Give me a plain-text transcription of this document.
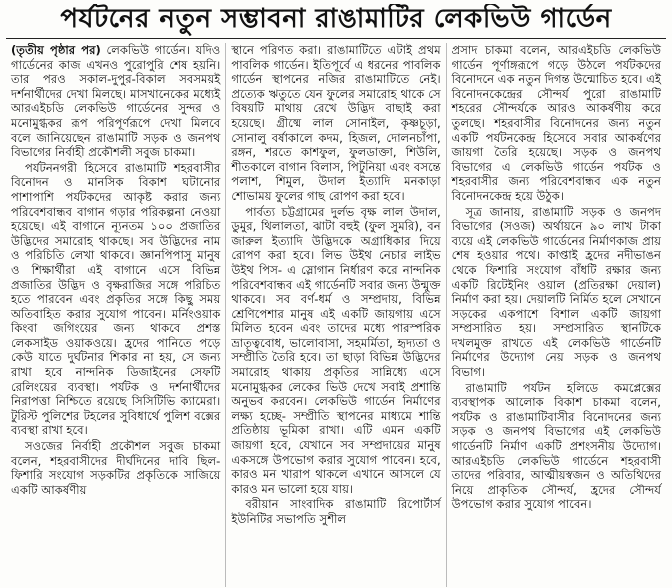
পর্যটনের নতুন সম্ভাবনা রাঙামাটির লেকভিউ গার্ডেন

(তৃতীয় পৃষ্ঠার পর) লেকভিউ গার্ডেন। যদিও গার্ডেনের কাজ এখনও পুরোপুরি শেষ হয়নি। তার পরও সকাল-দুপুর-বিকাল সবসময়ই দর্শনার্থীদের দেখা মিলছে। মাসখানেকের মধ্যেই আরএইচডি লেকভিউ গার্ডেনের সুন্দর ও মনোমুগ্ধকর রূপ পরিপূর্ণরূপে দেখা মিলবে বলে জানিয়েছেন রাঙামাটি সড়ক ও জনপথ বিভাগের নির্বাহী প্রকৌশলী সবুজ চাকমা।

পর্যটননগরী হিসেবে রাঙামাটি শহরবাসীর বিনোদন ও মানসিক বিকাশ ঘটানোর পাশাপাশি পর্যটকদের আকৃষ্ট করার জন্য পরিবেশবান্ধব বাগান গড়ার পরিকল্পনা নেওয়া হয়েছে। এই বাগানে ন্যূনতম ১০০ প্রজাতির উদ্ভিদের সমারোহ থাকছে। সব উদ্ভিদের নাম ও পরিচিতি লেখা থাকবে। জ্ঞানপিপাসু মানুষ ও শিক্ষার্থীরা এই বাগানে এসে বিভিন্ন প্রজাতির উদ্ভিদ ও বৃক্ষরাজির সঙ্গে পরিচিত হতে পারবেন এবং প্রকৃতির সঙ্গে কিছু সময় অতিবাহিত করার সুযোগ পাবেন। মর্নিংওয়াক কিংবা জগিংয়ের জন্য থাকবে প্রশস্ত লেকসাইড ওয়াকওয়ে। হ্রদের পানিতে পড়ে কেউ যাতে দুর্ঘটনার শিকার না হয়, সে জন্য রাখা হবে নান্দনিক ডিজাইনের সেফটি রেলিংয়ের ব্যবস্থা। পর্যটক ও দর্শনার্থীদের নিরাপত্তা নিশ্চিতে রয়েছে সিসিটিভি ক্যামেরা। টুরিস্ট পুলিশের টহলের সুবিধার্থে পুলিশ বক্সের ব্যবস্থা রাখা হবে।

সওজের নির্বাহী প্রকৌশল সবুজ চাকমা বলেন, শহরবাসীদের দীর্ঘদিনের দাবি ছিল- ফিশারি সংযোগ সড়কটির প্রকৃতিকে সাজিয়ে একটি আকর্ষণীয়

স্থানে পরিণত করা। রাঙামাটিতে এটাই প্রথম পাবলিক গার্ডেন। ইতিপূর্বে এ ধরনের পাবলিক গার্ডেন স্থাপনের নজির রাঙামাটিতে নেই। প্রত্যেক ঋতুতে যেন ফুলের সমারোহ থাকে সে বিষয়টি মাথায় রেখে উদ্ভিদ বাছাই করা হয়েছে। গ্রীষ্মে লাল সোনাইল, কৃষ্ণচূড়া, সোনালু বর্ষাকালে কদম, হিজল, দোলনচাঁপা, রঙ্গন, শরতে কাশফুল, ফুলডাক্তা, শিউলি, শীতকালে বাগান বিলাস, পিটুনিয়া এবং বসন্তে পলাশ, শিমুল, উদাল ইত্যাদি মনকাড়া শোভাময় ফুলের গাছ রোপণ করা হবে।

পার্বত্য চট্টগ্রামের দুর্লভ বৃক্ষ লাল উদাল, ডুমুর, থিলালতা, ঝাটা বহুই (ফুল সুমরি), বন জারুল ইত্যাদি উদ্ভিদকে অগ্রাধিকার দিয়ে রোপণ করা হবে। লিভ উইথ নেচার লাইভ উইথ পিস- এ স্লোগান নির্ধারণ করে নান্দনিক পরিবেশবান্ধব এই গার্ডেনটি সবার জন্য উন্মুক্ত থাকবে। সব বর্ণ-ধর্ম ও সম্প্রদায়, বিভিন্ন শ্রেণিপেশার মানুষ এই একটি জায়গায় এসে মিলিত হবেন এবং তাদের মধ্যে পারস্পরিক ভ্রাতৃত্ববোধ, ভালোবাসা, সহমর্মিতা, হৃদ্যতা ও সম্প্রীতি তৈরি হবে। তা ছাড়া বিভিন্ন উদ্ভিদের সমারোহ থাকায় প্রকৃতির সান্নিধ্যে এসে মনোমুগ্ধকর লেকের ভিউ দেখে সবাই প্রশান্তি অনুভব করবেন। লেকভিউ গার্ডেন নির্মাণের লক্ষ্য হচ্ছে- সম্প্রীতি স্থাপনের মাধ্যমে শান্তি প্রতিষ্ঠায় ভূমিকা রাখা। এটি এমন একটি জায়গা হবে, যেখানে সব সম্প্রদায়ের মানুষ একসঙ্গে উপভোগ করার সুযোগ পাবেন। হবে, কারও মন খারাপ থাকলে এখানে আসলে যে কারও মন ভালো হয়ে যায়।

বরীয়ান সাংবাদিক রাঙামাটি রিপোর্টার্স ইউনিটির সভাপতি সুশীল

প্রসাদ চাকমা বলেন, আরএইচডি লেকভিউ গার্ডেন পূর্ণাঙ্গরূপে গড়ে উঠলে পর্যটকদের বিনোদনে এক নতুন দিগন্ত উন্মোচিত হবে। এই বিনোদনকেন্দ্রের সৌন্দর্য পুরো রাঙামাটি শহরের সৌন্দর্যকে আরও আকর্ষণীয় করে তুলছে। শহরবাসীর বিনোদনের জন্য নতুন একটি পর্যটনকেন্দ্র হিসেবে সবার আকর্ষণের জায়গা তৈরি হয়েছে। সড়ক ও জনপথ বিভাগের এ লেকভিউ গার্ডেন পর্যটক ও শহরবাসীর জন্য পরিবেশবান্ধব এক নতুন বিনোদনকেন্দ্র হয়ে উঠুক।

সূত্র জানায়, রাঙামাটি সড়ক ও জনপদ বিভাগের (সওজ) অর্থায়নে ৯০ লাখ টাকা ব্যয়ে এই লেকভিউ গার্ডেনের নির্মাণকাজ প্রায় শেষ হওয়ার পথে। কাপ্তাই হ্রদের নদীভাঙন থেকে ফিশারি সংযোগ বাঁধটি রক্ষার জন্য একটি রিটেইনিং ওয়াল (প্রতিরক্ষা দেয়াল) নির্মাণ করা হয়। দেয়ালটি নির্মিত হলে সেখানে সড়কের একপাশে বিশাল একটি জায়গা সম্প্রসারিত হয়। সম্প্রসারিত স্থানটিকে দখলমুক্ত রাখতে এই লেকভিউ গার্ডেনটি নির্মাণের উদ্যোগ নেয় সড়ক ও জনপথ বিভাগ।

রাঙামাটি পর্যটন হলিডে কমপ্লেক্সের ব্যবস্থাপক আলোক বিকাশ চাকমা বলেন, পর্যটক ও রাঙামাটিবাসীর বিনোদনের জন্য সড়ক ও জনপথ বিভাগের এই লেকভিউ গার্ডেনটি নির্মাণ একটি প্রশংসনীয় উদ্যোগ। আরএইচডি লেকভিউ গার্ডেনে শহরবাসী তাদের পরিবার, আত্মীয়স্বজন ও অতিথিদের নিয়ে প্রাকৃতিক সৌন্দর্য, হ্রদের সৌন্দর্য উপভোগ করার সুযোগ পাবেন।
